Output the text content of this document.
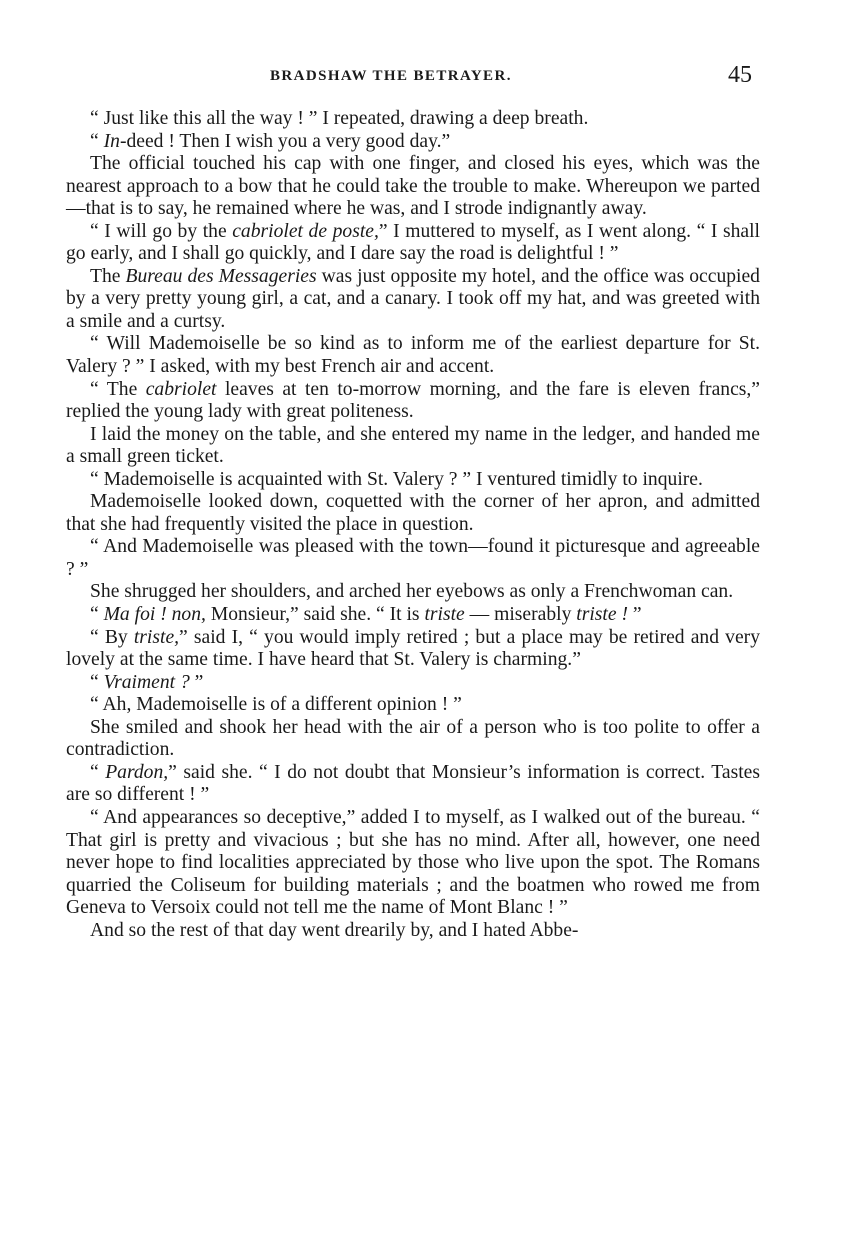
BRADSHAW THE BETRAYER.	45

“ Just like this all the way ! ” I repeated, drawing a deep breath.

“ In-deed ! Then I wish you a very good day.”

The official touched his cap with one finger, and closed his eyes, which was the nearest approach to a bow that he could take the trouble to make. Whereupon we parted—that is to say, he remained where he was, and I strode indignantly away.

“ I will go by the cabriolet de poste,” I muttered to myself, as I went along. “ I shall go early, and I shall go quickly, and I dare say the road is delightful ! ”

The Bureau des Messageries was just opposite my hotel, and the office was occupied by a very pretty young girl, a cat, and a canary. I took off my hat, and was greeted with a smile and a curtsy.

“ Will Mademoiselle be so kind as to inform me of the earliest departure for St. Valery ? ” I asked, with my best French air and accent.

“ The cabriolet leaves at ten to-morrow morning, and the fare is eleven francs,” replied the young lady with great politeness.

I laid the money on the table, and she entered my name in the ledger, and handed me a small green ticket.

“ Mademoiselle is acquainted with St. Valery ? ” I ventured timidly to inquire.

Mademoiselle looked down, coquetted with the corner of her apron, and admitted that she had frequently visited the place in question.

“ And Mademoiselle was pleased with the town—found it picturesque and agreeable ? ”

She shrugged her shoulders, and arched her eyebows as only a Frenchwoman can.

“ Ma foi ! non, Monsieur,” said she. “ It is triste — miserably triste ! ”

“ By triste,” said I, “ you would imply retired ; but a place may be retired and very lovely at the same time. I have heard that St. Valery is charming.”

“ Vraiment ? ”

“ Ah, Mademoiselle is of a different opinion ! ”

She smiled and shook her head with the air of a person who is too polite to offer a contradiction.

“ Pardon,” said she. “ I do not doubt that Monsieur’s information is correct. Tastes are so different ! ”

“ And appearances so deceptive,” added I to myself, as I walked out of the bureau. “ That girl is pretty and vivacious ; but she has no mind. After all, however, one need never hope to find localities appreciated by those who live upon the spot. The Romans quarried the Coliseum for building materials ; and the boatmen who rowed me from Geneva to Versoix could not tell me the name of Mont Blanc ! ”

And so the rest of that day went drearily by, and I hated Abbe-
